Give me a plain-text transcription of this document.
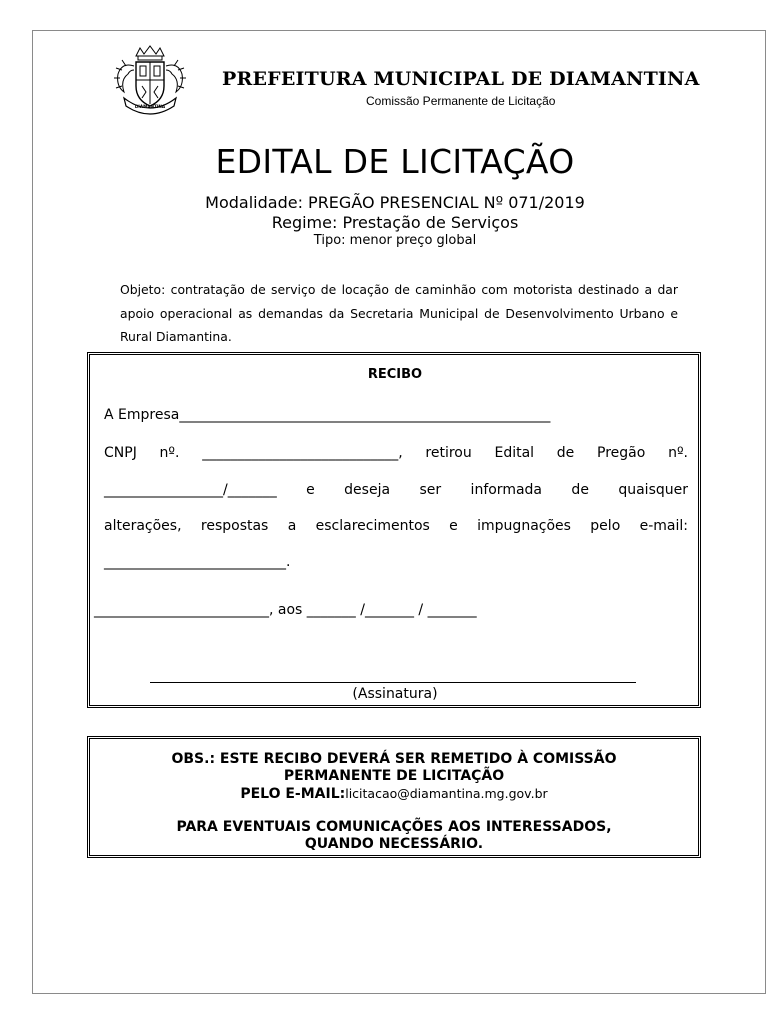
DIAMANTINA
PREFEITURA MUNICIPAL DE DIAMANTINA
Comissão Permanente de Licitação
EDITAL DE LICITAÇÃO
Modalidade: PREGÃO PRESENCIAL Nº 071/2019
Regime: Prestação de Serviços
Tipo: menor preço global
Objeto: contratação de serviço de locação de caminhão com motorista destinado a dar apoio operacional as demandas da Secretaria Municipal de Desenvolvimento Urbano e Rural Diamantina.
RECIBO
A Empresa_____________________________________________________
CNPJ nº. ____________________________, retirou Edital de Pregão nº.
_________________/_______ e deseja ser informada de quaisquer
alterações, respostas a esclarecimentos e impugnações pelo e-mail:
__________________________.
_________________________, aos _______ /_______ / _______
(Assinatura)
OBS.: ESTE RECIBO DEVERÁ SER REMETIDO À COMISSÃO
PERMANENTE DE LICITAÇÃO
PELO E-MAIL:licitacao@diamantina.mg.gov.br
PARA EVENTUAIS COMUNICAÇÕES AOS INTERESSADOS,
QUANDO NECESSÁRIO.
